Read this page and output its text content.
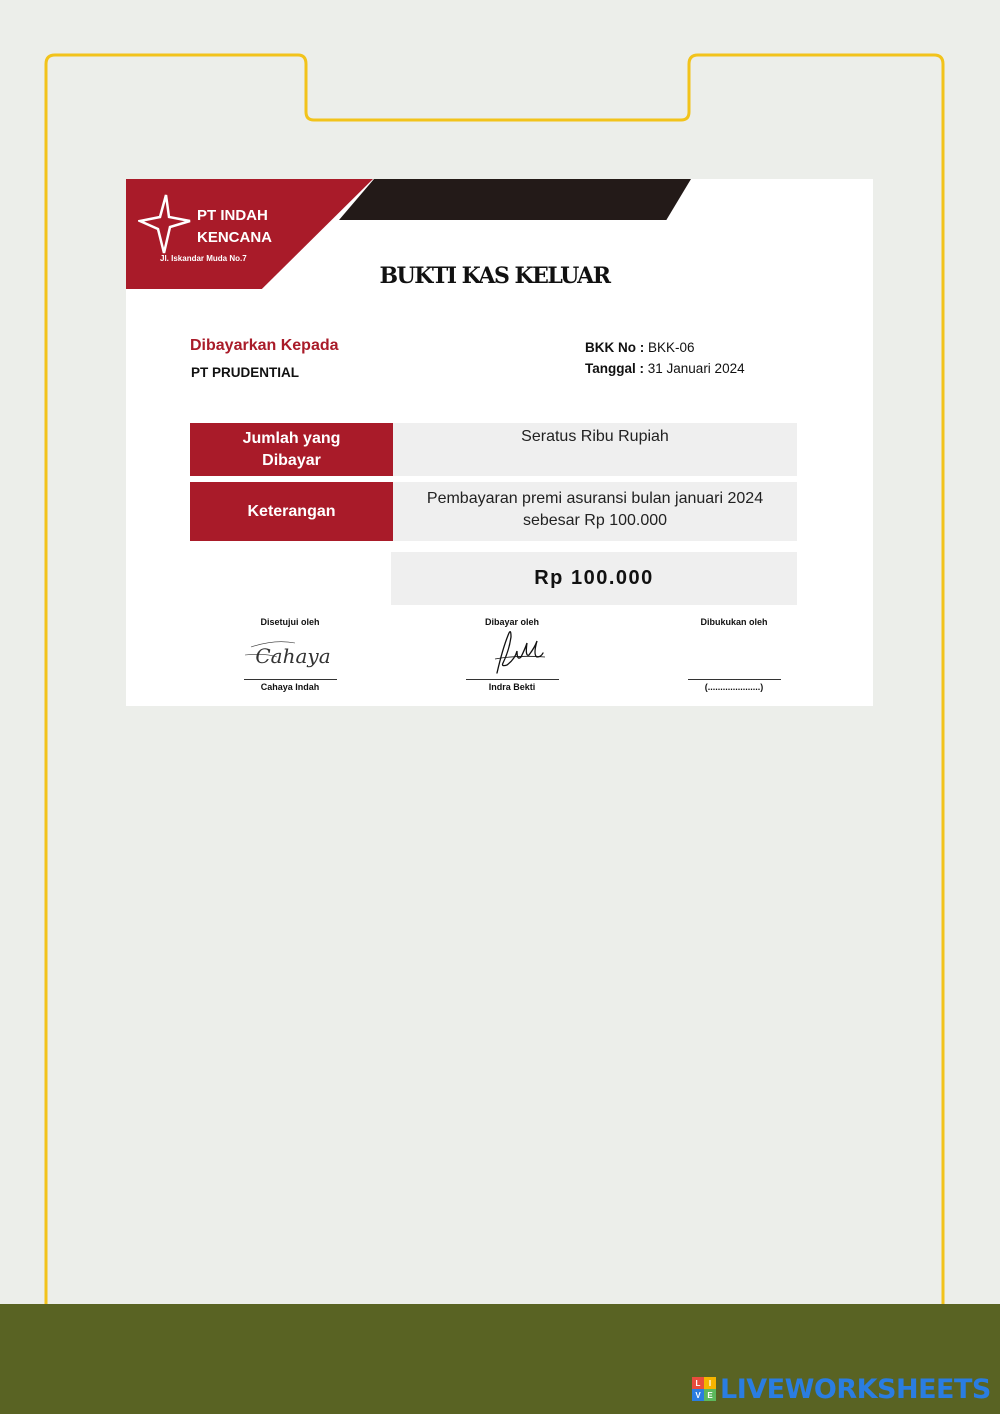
PT INDAH
KENCANA
Jl. Iskandar Muda No.7
BUKTI KAS KELUAR
Dibayarkan Kepada
PT PRUDENTIAL
BKK No : BKK-06
Tanggal : 31 Januari 2024
Jumlah yang
Dibayar
Seratus Ribu Rupiah
Keterangan
Pembayaran premi asuransi bulan januari 2024
sebesar Rp 100.000
Rp 100.000
Disetujui oleh
Cahaya
Cahaya Indah
Dibayar oleh
Indra Bekti
Dibukukan oleh
(.....................)
L	I
V E LIVEWORKSHEETS
